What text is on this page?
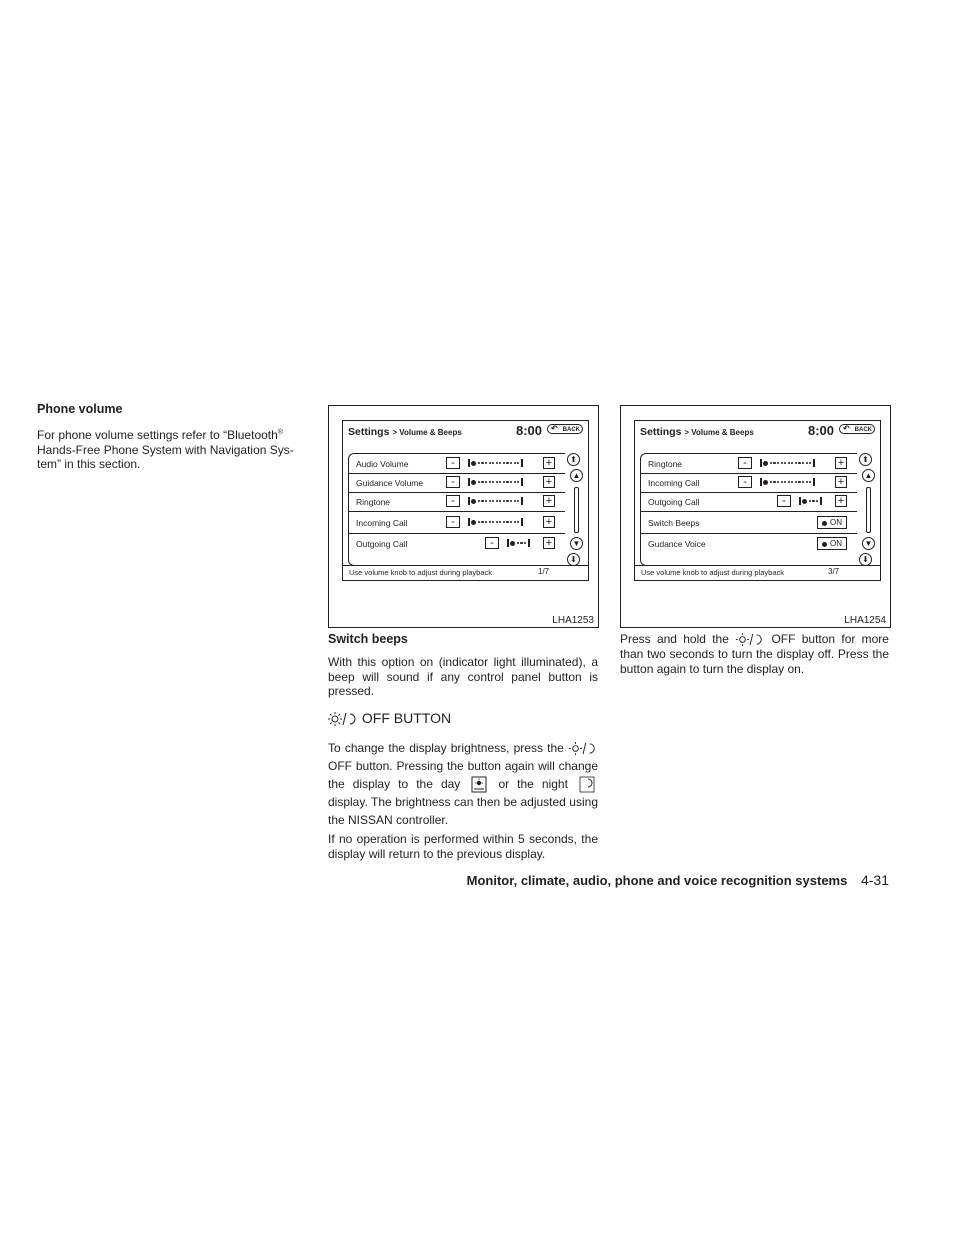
Phone volume
For phone volume settings refer to “Bluetooth® Hands-Free Phone System with Navigation Sys-tem” in this section.
Settings > Volume & Beeps	8:00	↶ BACK
Audio Volume	-	+
Guidance Volume	-	+
Ringtone	-	+
Incoming Call	-	+
Outgoing Call	-	+
1/7
⬆
▲
▼
⬇
Use volume knob to adjust during playback
LHA1253
Settings > Volume & Beeps	8:00	↶ BACK
Ringtone	-	+
Incoming Call	-	+
Outgoing Call	-	+
Switch Beeps	ON
Gudance Voice	ON
3/7
⬆
▲
▼
⬇
Use volume knob to adjust during playback
LHA1254
Switch beeps
With this option on (indicator light illuminated), a beep will sound if any control panel button is pressed.
OFF BUTTON
To change the display brightness, press the  OFF button. Pressing the button again will change the display to the day	or the night  display. The brightness can then be adjusted using the NISSAN controller.
If no operation is performed within 5 seconds, the display will return to the previous display.
Press and hold the	OFF button for more than two seconds to turn the display off. Press the button again to turn the display on.
Monitor, climate, audio, phone and voice recognition systems 4-31
